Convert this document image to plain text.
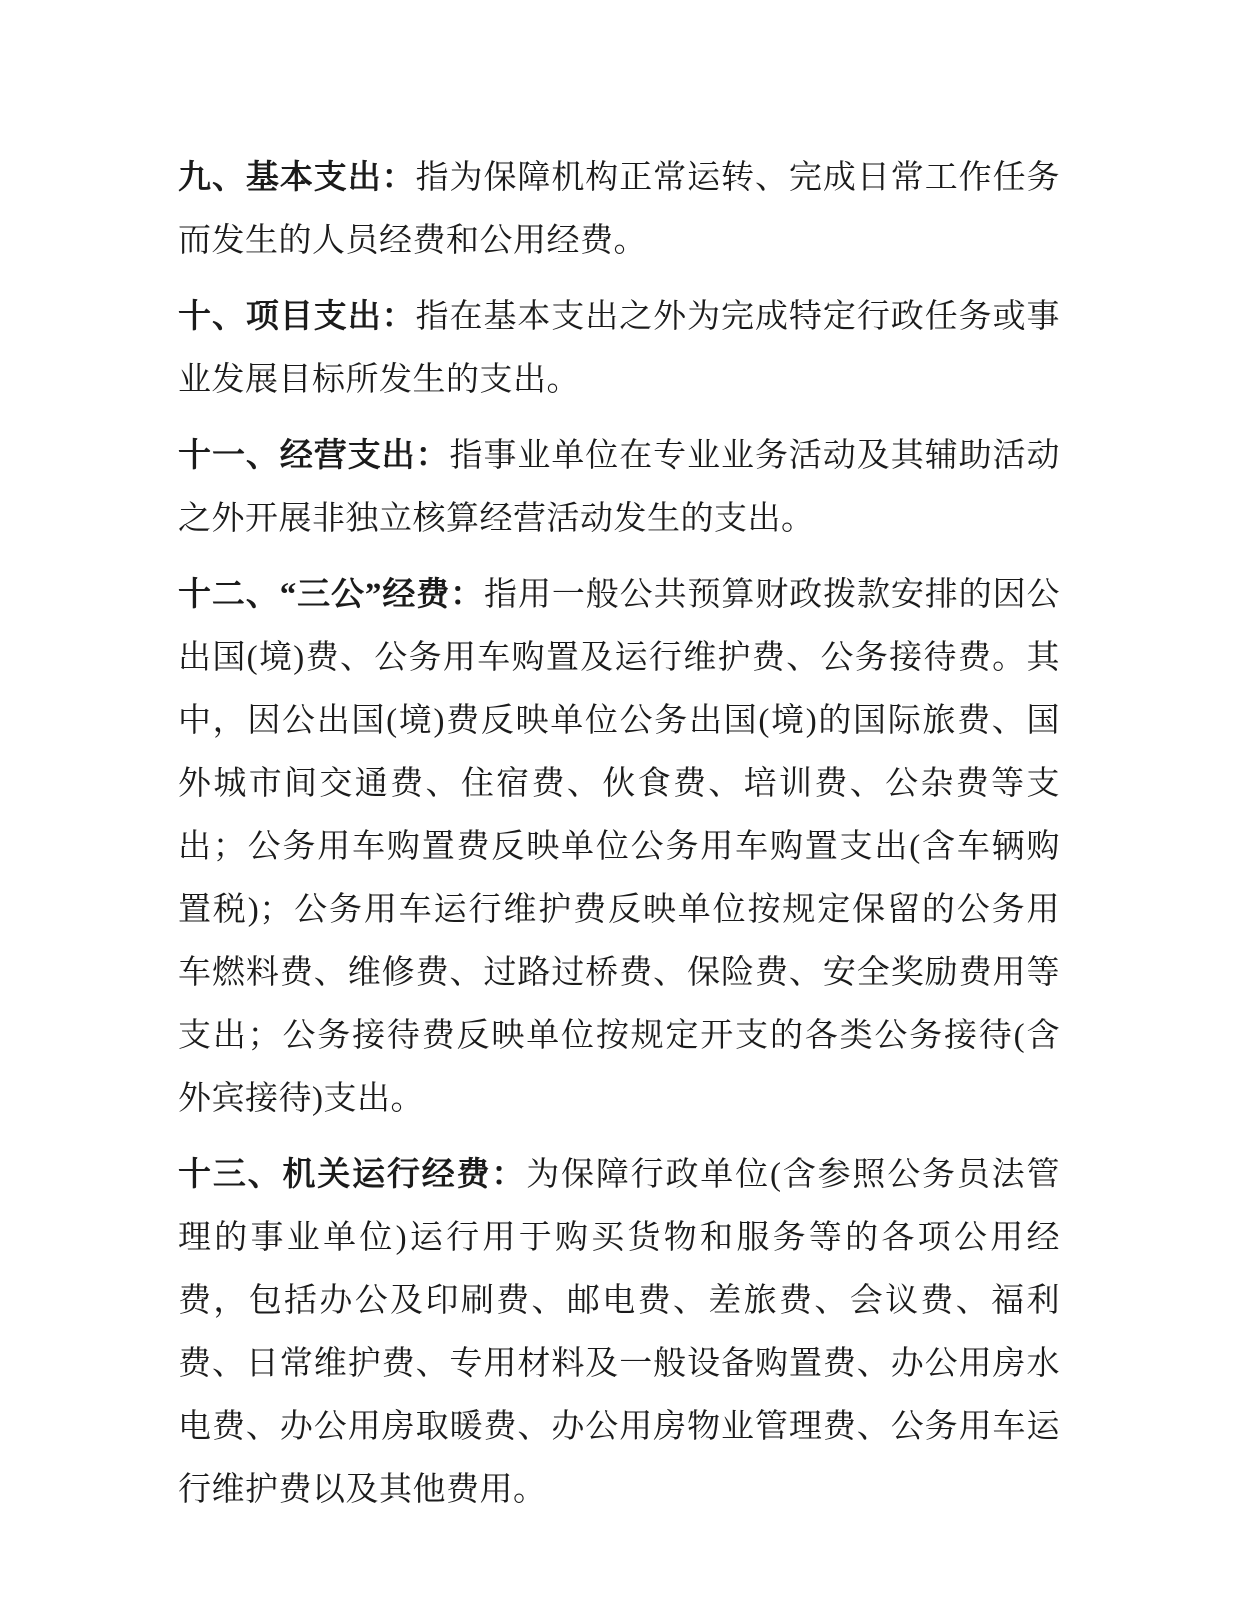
九、基本支出：指为保障机构正常运转、完成日常工作任务而发生的人员经费和公用经费。

十、项目支出：指在基本支出之外为完成特定行政任务或事业发展目标所发生的支出。

十一、经营支出：指事业单位在专业业务活动及其辅助活动之外开展非独立核算经营活动发生的支出。

十二、“三公”经费：指用一般公共预算财政拨款安排的因公出国(境)费、公务用车购置及运行维护费、公务接待费。其中，因公出国(境)费反映单位公务出国(境)的国际旅费、国外城市间交通费、住宿费、伙食费、培训费、公杂费等支出；公务用车购置费反映单位公务用车购置支出(含车辆购置税)；公务用车运行维护费反映单位按规定保留的公务用车燃料费、维修费、过路过桥费、保险费、安全奖励费用等支出；公务接待费反映单位按规定开支的各类公务接待(含外宾接待)支出。

十三、机关运行经费：为保障行政单位(含参照公务员法管理的事业单位)运行用于购买货物和服务等的各项公用经费，包括办公及印刷费、邮电费、差旅费、会议费、福利费、日常维护费、专用材料及一般设备购置费、办公用房水电费、办公用房取暖费、办公用房物业管理费、公务用车运行维护费以及其他费用。
